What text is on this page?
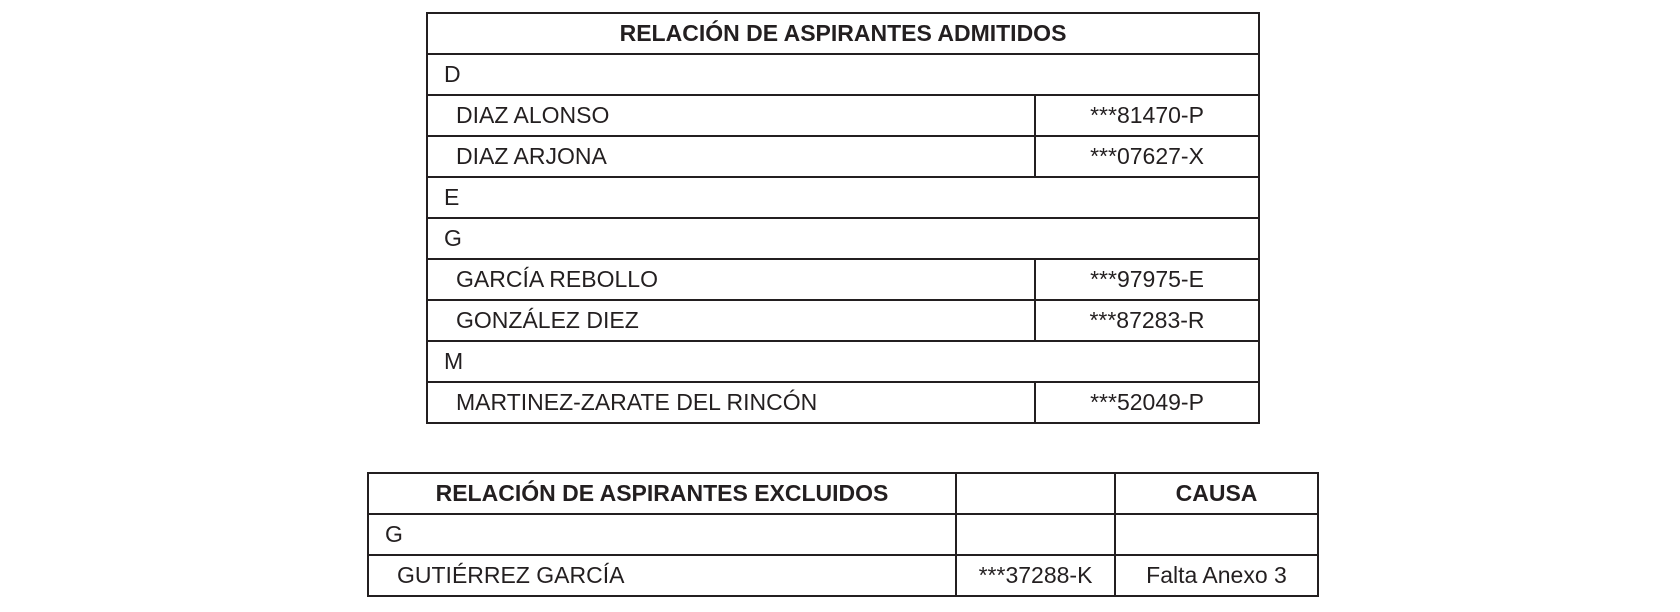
RELACIÓN DE ASPIRANTES ADMITIDOS	
D	
DIAZ ALONSO	***81470-P
DIAZ ARJONA	***07627-X
E	
G	
GARCÍA REBOLLO	***97975-E
GONZÁLEZ DIEZ	***87283-R
M	
MARTINEZ-ZARATE DEL RINCÓN	***52049-P
RELACIÓN DE ASPIRANTES EXCLUIDOS		CAUSA
G		
GUTIÉRREZ GARCÍA	***37288-K	Falta Anexo 3
